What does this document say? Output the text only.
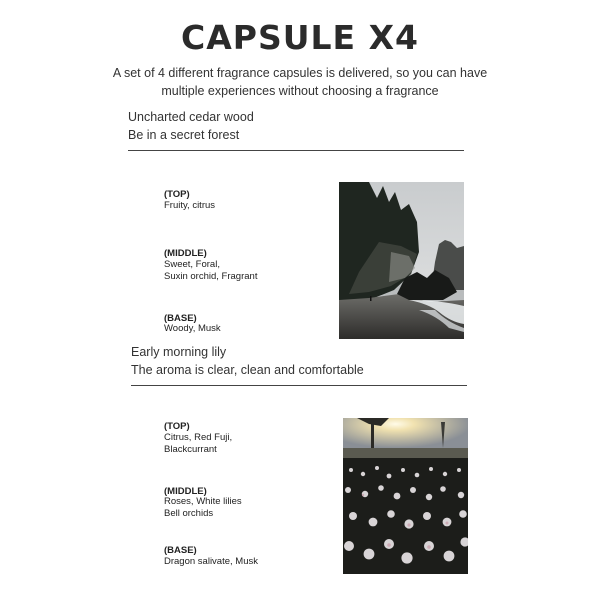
CAPSULE X4
A set of 4 different fragrance capsules is delivered, so you can have multiple experiences without choosing a fragrance
Uncharted cedar wood
Be in a secret forest
(TOP)
Fruity, citrus
(MIDDLE)
Sweet, Foral,
Suxin orchid, Fragrant
(BASE)
Woody, Musk
Early morning lily
The aroma is clear, clean and comfortable
(TOP)
Citrus, Red Fuji,
Blackcurrant
(MIDDLE)
Roses, White lilies
Bell orchids
(BASE)
Dragon salivate, Musk
